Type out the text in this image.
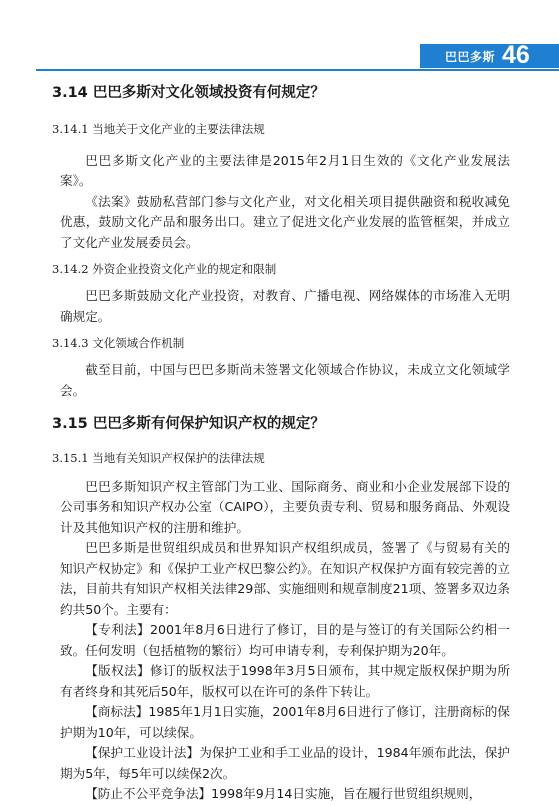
巴巴多斯 46
3.14 巴巴多斯对文化领域投资有何规定？
3.14.1 当地关于文化产业的主要法律法规

巴巴多斯文化产业的主要法律是2015年2月1日生效的《文化产业发展法案》。

《法案》鼓励私营部门参与文化产业，对文化相关项目提供融资和税收减免优惠，鼓励文化产品和服务出口。建立了促进文化产业发展的监管框架，并成立了文化产业发展委员会。

3.14.2 外资企业投资文化产业的规定和限制

巴巴多斯鼓励文化产业投资，对教育、广播电视、网络媒体的市场准入无明确规定。

3.14.3 文化领域合作机制

截至目前，中国与巴巴多斯尚未签署文化领域合作协议，未成立文化领域学会。

3.15 巴巴多斯有何保护知识产权的规定？
3.15.1 当地有关知识产权保护的法律法规

巴巴多斯知识产权主管部门为工业、国际商务、商业和小企业发展部下设的公司事务和知识产权办公室（CAIPO），主要负责专利、贸易和服务商品、外观设计及其他知识产权的注册和维护。

巴巴多斯是世贸组织成员和世界知识产权组织成员，签署了《与贸易有关的知识产权协定》和《保护工业产权巴黎公约》。在知识产权保护方面有较完善的立法，目前共有知识产权相关法律29部、实施细则和规章制度21项、签署多双边条约共50个。主要有：

【专利法】2001年8月6日进行了修订，目的是与签订的有关国际公约相一致。任何发明（包括植物的繁衍）均可申请专利，专利保护期为20年。

【版权法】修订的版权法于1998年3月5日颁布，其中规定版权保护期为所有者终身和其死后50年，版权可以在许可的条件下转让。

【商标法】1985年1月1日实施，2001年8月6日进行了修订，注册商标的保护期为10年，可以续保。

【保护工业设计法】为保护工业和手工业品的设计，1984年颁布此法，保护期为5年，每5年可以续保2次。

【防止不公平竞争法】1998年9月14日实施，旨在履行世贸组织规则，
